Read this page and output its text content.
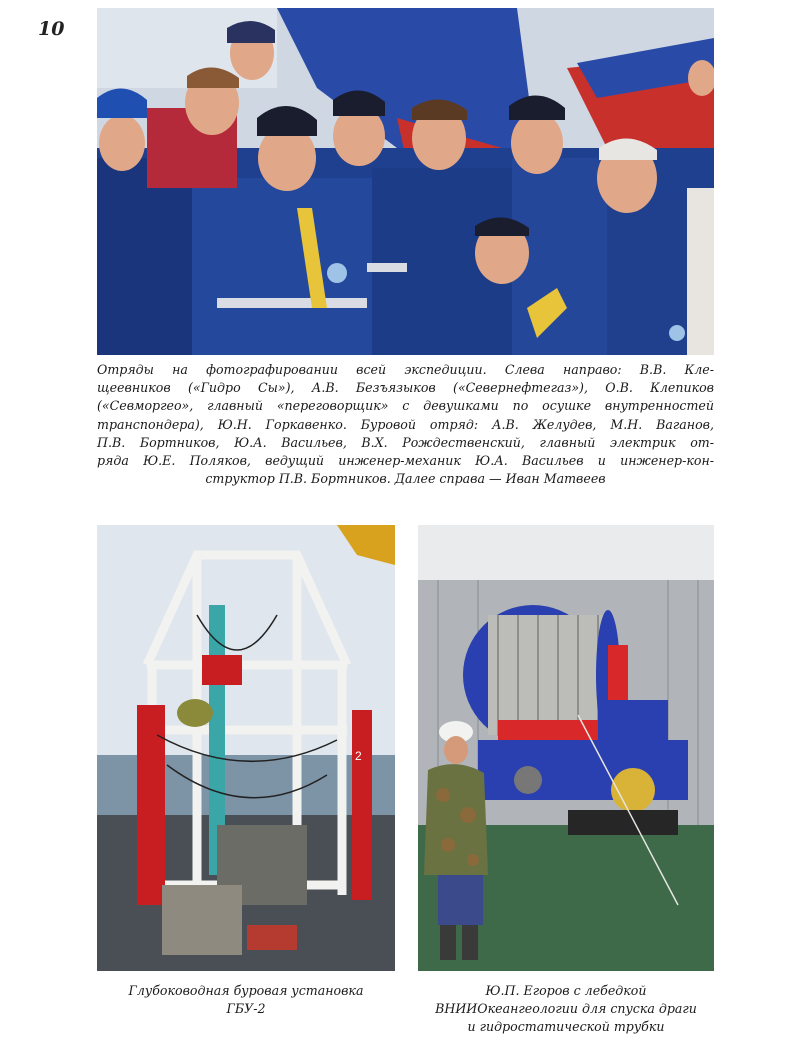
10
Отряды на фотографировании всей экспедиции. Слева направо: В.В. Кле-
щеевников («Гидро Сы»), А.В. Безъязыков («Севернефтегаз»), О.В. Клепиков
(«Севморгео», главный «переговорщик» с девушками по осушке внутренностей
транспондера), Ю.Н. Горкавенко. Буровой отряд: А.В. Желудев, М.Н. Ваганов,
П.В. Бортников, Ю.А. Васильев, В.Х. Рождественский, главный электрик от-
ряда Ю.Е. Поляков, ведущий инженер-механик Ю.А. Васильев и инженер-кон-
структор П.В. Бортников. Далее справа — Иван Матвеев
2
Глубоководная буровая установка
ГБУ-2
Ю.П. Егоров с лебедкой
ВНИИОкеангеологии для спуска драги
и гидростатической трубки
